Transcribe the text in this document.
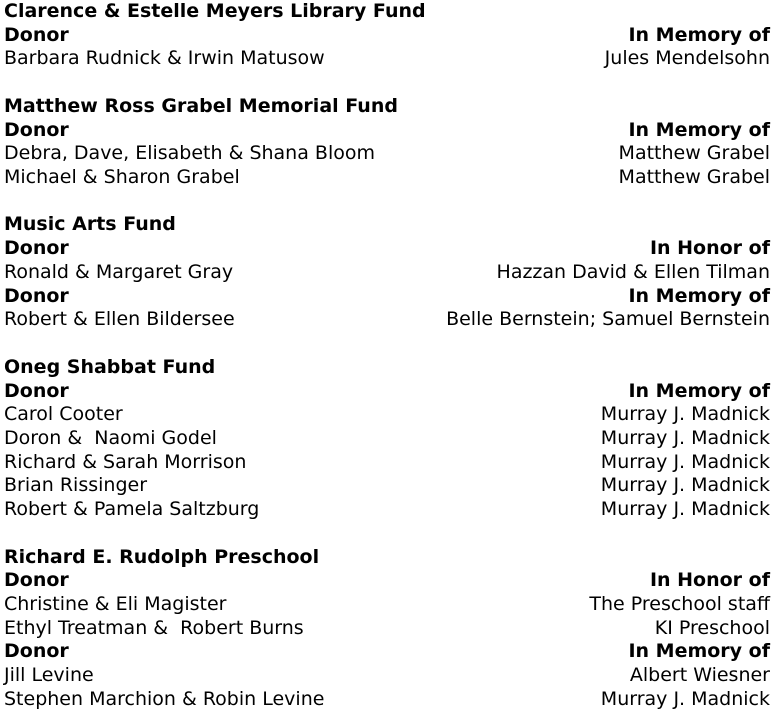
Clarence & Estelle Meyers Library Fund
Donor	In Memory of
Barbara Rudnick & Irwin Matusow	Jules Mendelsohn
Matthew Ross Grabel Memorial Fund
Donor	In Memory of
Debra, Dave, Elisabeth & Shana Bloom	Matthew Grabel
Michael & Sharon Grabel	Matthew Grabel
Music Arts Fund
Donor	In Honor of
Ronald & Margaret Gray	Hazzan David & Ellen Tilman
Donor	In Memory of
Robert & Ellen Bildersee	Belle Bernstein; Samuel Bernstein
Oneg Shabbat Fund
Donor	In Memory of
Carol Cooter	Murray J. Madnick
Doron &  Naomi Godel	Murray J. Madnick
Richard & Sarah Morrison	Murray J. Madnick
Brian Rissinger	Murray J. Madnick
Robert & Pamela Saltzburg	Murray J. Madnick
Richard E. Rudolph Preschool
Donor	In Honor of
Christine & Eli Magister	The Preschool staff
Ethyl Treatman &  Robert Burns	KI Preschool
Donor	In Memory of
Jill Levine	Albert Wiesner
Stephen Marchion & Robin Levine	Murray J. Madnick
